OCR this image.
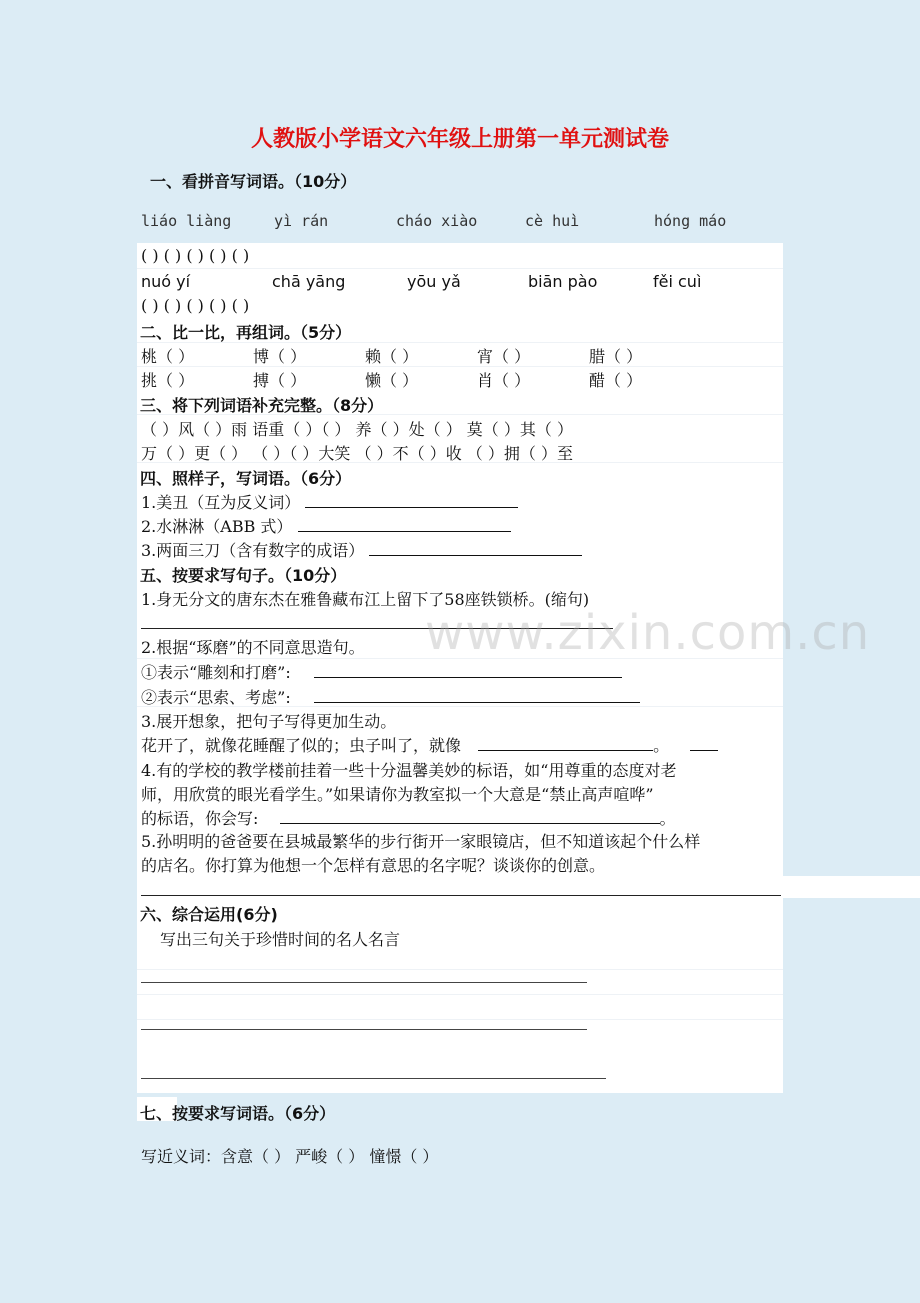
人教版小学语文六年级上册第一单元测试卷
一、看拼音写词语。（10分）
liáo liàng	yì rán	cháo xiào	cè huì	hóng máo
( ) ( ) ( ) ( ) ( )
nuó yí	chā yāng	yōu yǎ	biān pào	fěi cuì
( ) ( ) ( ) ( ) ( )
二、比一比，再组词。（5分）
桃（ ）	博（ ）	赖（ ）	宵（ ）	腊（ ）
挑（ ）	搏（ ）	懒（ ）	肖（ ）	醋（ ）
三、将下列词语补充完整。（8分）
（ ）风（ ）雨 语重（ ）（ ） 养（ ）处（ ） 莫（ ）其（ ）
万（ ）更（ ） （ ）（ ）大笑 （ ）不（ ）收 （ ）拥（ ）至
四、照样子，写词语。（6分）
1.美丑（互为反义词）
2.水淋淋（ABB 式）
3.两面三刀（含有数字的成语）
五、按要求写句子。（10分）
1.身无分文的唐东杰在雅鲁藏布江上留下了58座铁锁桥。(缩句)
www.zixin.com.cn
2.根据“琢磨”的不同意思造句。
①表示“雕刻和打磨”:
②表示“思索、考虑”:
3.展开想象，把句子写得更加生动。
花开了，就像花睡醒了似的；虫子叫了，就像	。
4.有的学校的教学楼前挂着一些十分温馨美妙的标语，如“用尊重的态度对老
师，用欣赏的眼光看学生。”如果请你为教室拟一个大意是“禁止高声喧哗”
的标语，你会写:	。
5.孙明明的爸爸要在县城最繁华的步行街开一家眼镜店，但不知道该起个什么样
的店名。你打算为他想一个怎样有意思的名字呢？谈谈你的创意。
六、综合运用(6分)
写出三句关于珍惜时间的名人名言
七、按要求写词语。（6分）
写近义词：含意（ ） 严峻（ ） 憧憬（ ）
